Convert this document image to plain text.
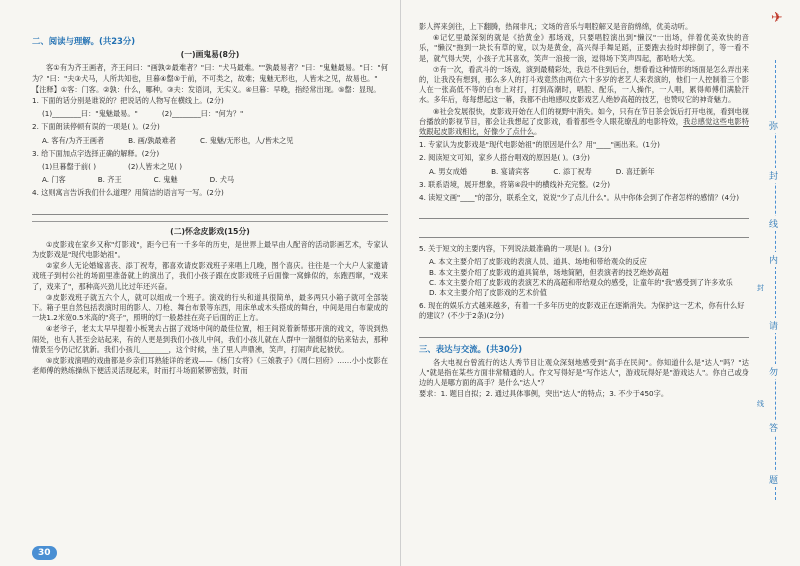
二、阅读与理解。(共23分)
(一)画鬼易(8分)

客①有为齐王画者，齐王问曰："画孰②最难者？"曰："犬马最难。""孰最易者？"曰："鬼魅最易。"曰："何为？"曰："夫③犬马，人所共知也，旦暮④罄⑤于前，不可类之，故难；鬼魅无形也，人皆未之见，故易也。"

【注释】①客：门客。②孰：什么，哪种。③夫：发语词，无实义。④旦暮：早晚，指经常出现。⑤罄：显现。

1. 下面的话分别是谁说的？把说话的人物写在横线上。(2分)
(1)________曰："鬼魅最易。"	(2)________曰："何为？"
2. 下面朗读停顿有误的一项是( )。(2分)
A. 客有/为齐王画者	B. 画/孰最难者	C. 鬼魅/无形也，人/皆未之见
3. 给下面加点字选择正确的解释。(2分)
(1)旦暮罄于前( )	(2)人皆未之见( )
A. 门客	B. 齐王	C. 鬼魅	D. 犬马
4. 这则寓言告诉我们什么道理？用简洁的语言写一写。(2分)
(二)怀念皮影戏(15分)

①皮影戏在家乡又称"灯影戏"，距今已有一千多年的历史，是世界上最早由人配音的活动影画艺术，专家认为皮影戏是"现代电影始祖"。

②家乡人无论婚嫁喜丧、添丁祝寿，都喜欢请皮影戏班子来唱上几晚，图个喜庆。往往是一个大户人家邀请戏班子到村公社的场面里准备就上的演出了，我们小孩子跟在皮影戏班子后面像一窝蜂似的，东跑西窜，"戏来了，戏来了"，那种高兴劲儿比过年还兴奋。

③皮影戏班子就五六个人，就可以组成一个班子。演戏的行头和道具很简单，最多两只小箱子就可全部装下。箱子里自然包括表演时用的影人、刀枪、舞台布景等东西，用床单或木头搭成的舞台，中间是用白布蒙成的一块1.2米宽0.5米高的"亮子"，照明的灯一般悬挂在亮子后面的正上方。

④老爷子，老太太早早提着小板凳去占据了戏场中间的最佳位置，相王间说着新帮那开演的戏文，等说到热闹处，也有人甚至会站起来，有的人更是到我们小孩儿中间，我们小孩儿就在人群中一溜烟似的钻来钻去，那种情景至今仍记忆犹新。我们小孩儿________，这个时候，坐了里人声鼎沸，笑声，打闹声此起彼伏。

⑤皮影戏演唱的戏曲都是乡亲们耳熟能详的老戏——《杨门女将》《三娘教子》《周仁回府》……小小皮影在老师傅的熟练操纵下便活灵活现起来，时而打斗场面紧锣密鼓，时而

30

影人挥来剑往，上下翻腾，热闹非凡；文场的音乐与唱腔解又是音韵绵绵，优美动听。

⑥记忆里最深刻的就是《拾黄金》那场戏，只要唱腔演出到"懒汉"一出场，伴着优美欢快的音乐，"懒汉"拖到一块长有草的宽，以为是黄金，高兴得手舞足蹈，正要跑去捡时却摔倒了，等一看不是，就气得大哭，小孩子尤其喜欢，笑声一浪接一浪，逗得场下笑声四起，都哈哈大笑。

⑦有一次，看武斗的一场戏，演到最精彩处，我总不住到后台，想看看这种情形的场面是怎么弄出来的，让我没有想到，那么多人的打斗戏竟然由两位六十多岁的老艺人来表演的，他们一人控制着三个影人在一张高低不等的白布上对打，打到高潮时，唱腔、配乐，一人操作，一人唱，累得师傅们满脸汗水。多年后，每每想起这一幕，我都不由地感叹皮影戏艺人绝妙高超的技艺，也赞叹它的神奇魅力。

⑧社会发展很快，皮影戏开始在人们的视野中消失。如今，只有在节日茶会饭后打开电视，看到电视台播放的影视节目，都会让我想起了皮影戏，看着那些令人眼花缭乱的电影特效，我总感觉这些电影特效跟起皮影戏相比，好像少了点什么。

1. 专家认为皮影戏是"现代电影始祖"的原因是什么？用"____"画出来。(1分)
2. 阅读短文可知，家乡人搭台唱戏的原因是( )。(3分)
A. 男女成婚	B. 宴请宾客	C. 添丁祝寿	D. 喜迁新年
3. 联系语境，展开想象，将第④段中的横线补充完整。(2分)
4. 读短文画"____"的部分，联系全文，说说"少了点儿什么"。从中你体会到了作者怎样的感情？(4分)
5. 关于短文的主要内容，下列说法最准确的一项是( )。(3分)
A. 本文主要介绍了皮影戏的表演人员、道具、场地和带给观众的反应
B. 本文主要介绍了皮影戏的道具简单，场地简陋，但表演者的技艺绝妙高超
C. 本文主要介绍了皮影戏的表演艺术的高超和带给观众的感受，让童年的"我"感受到了许多欢乐
D. 本文主要介绍了皮影戏的艺术价值
6. 现在的娱乐方式越来越多，有着一千多年历史的皮影戏正在逐渐消失。为保护这一艺术，你有什么好的建议？(不少于2条)(2分)
三、表达与交流。(共30分)

各大电视台曾流行的达人秀节目让观众深刻地感受到"高手在民间"。你知道什么是"达人"吗？"达人"就是指在某些方面非常精通的人。作文写得好是"写作达人"，游戏玩得好是"游戏达人"。你自己或身边的人是哪方面的高手？是什么"达人"？

要求：1. 题目自拟；2. 通过具体事例，突出"达人"的特点；3. 不少于450字。
✈
弥
封
线
内
请
勿
答
题
封
线
